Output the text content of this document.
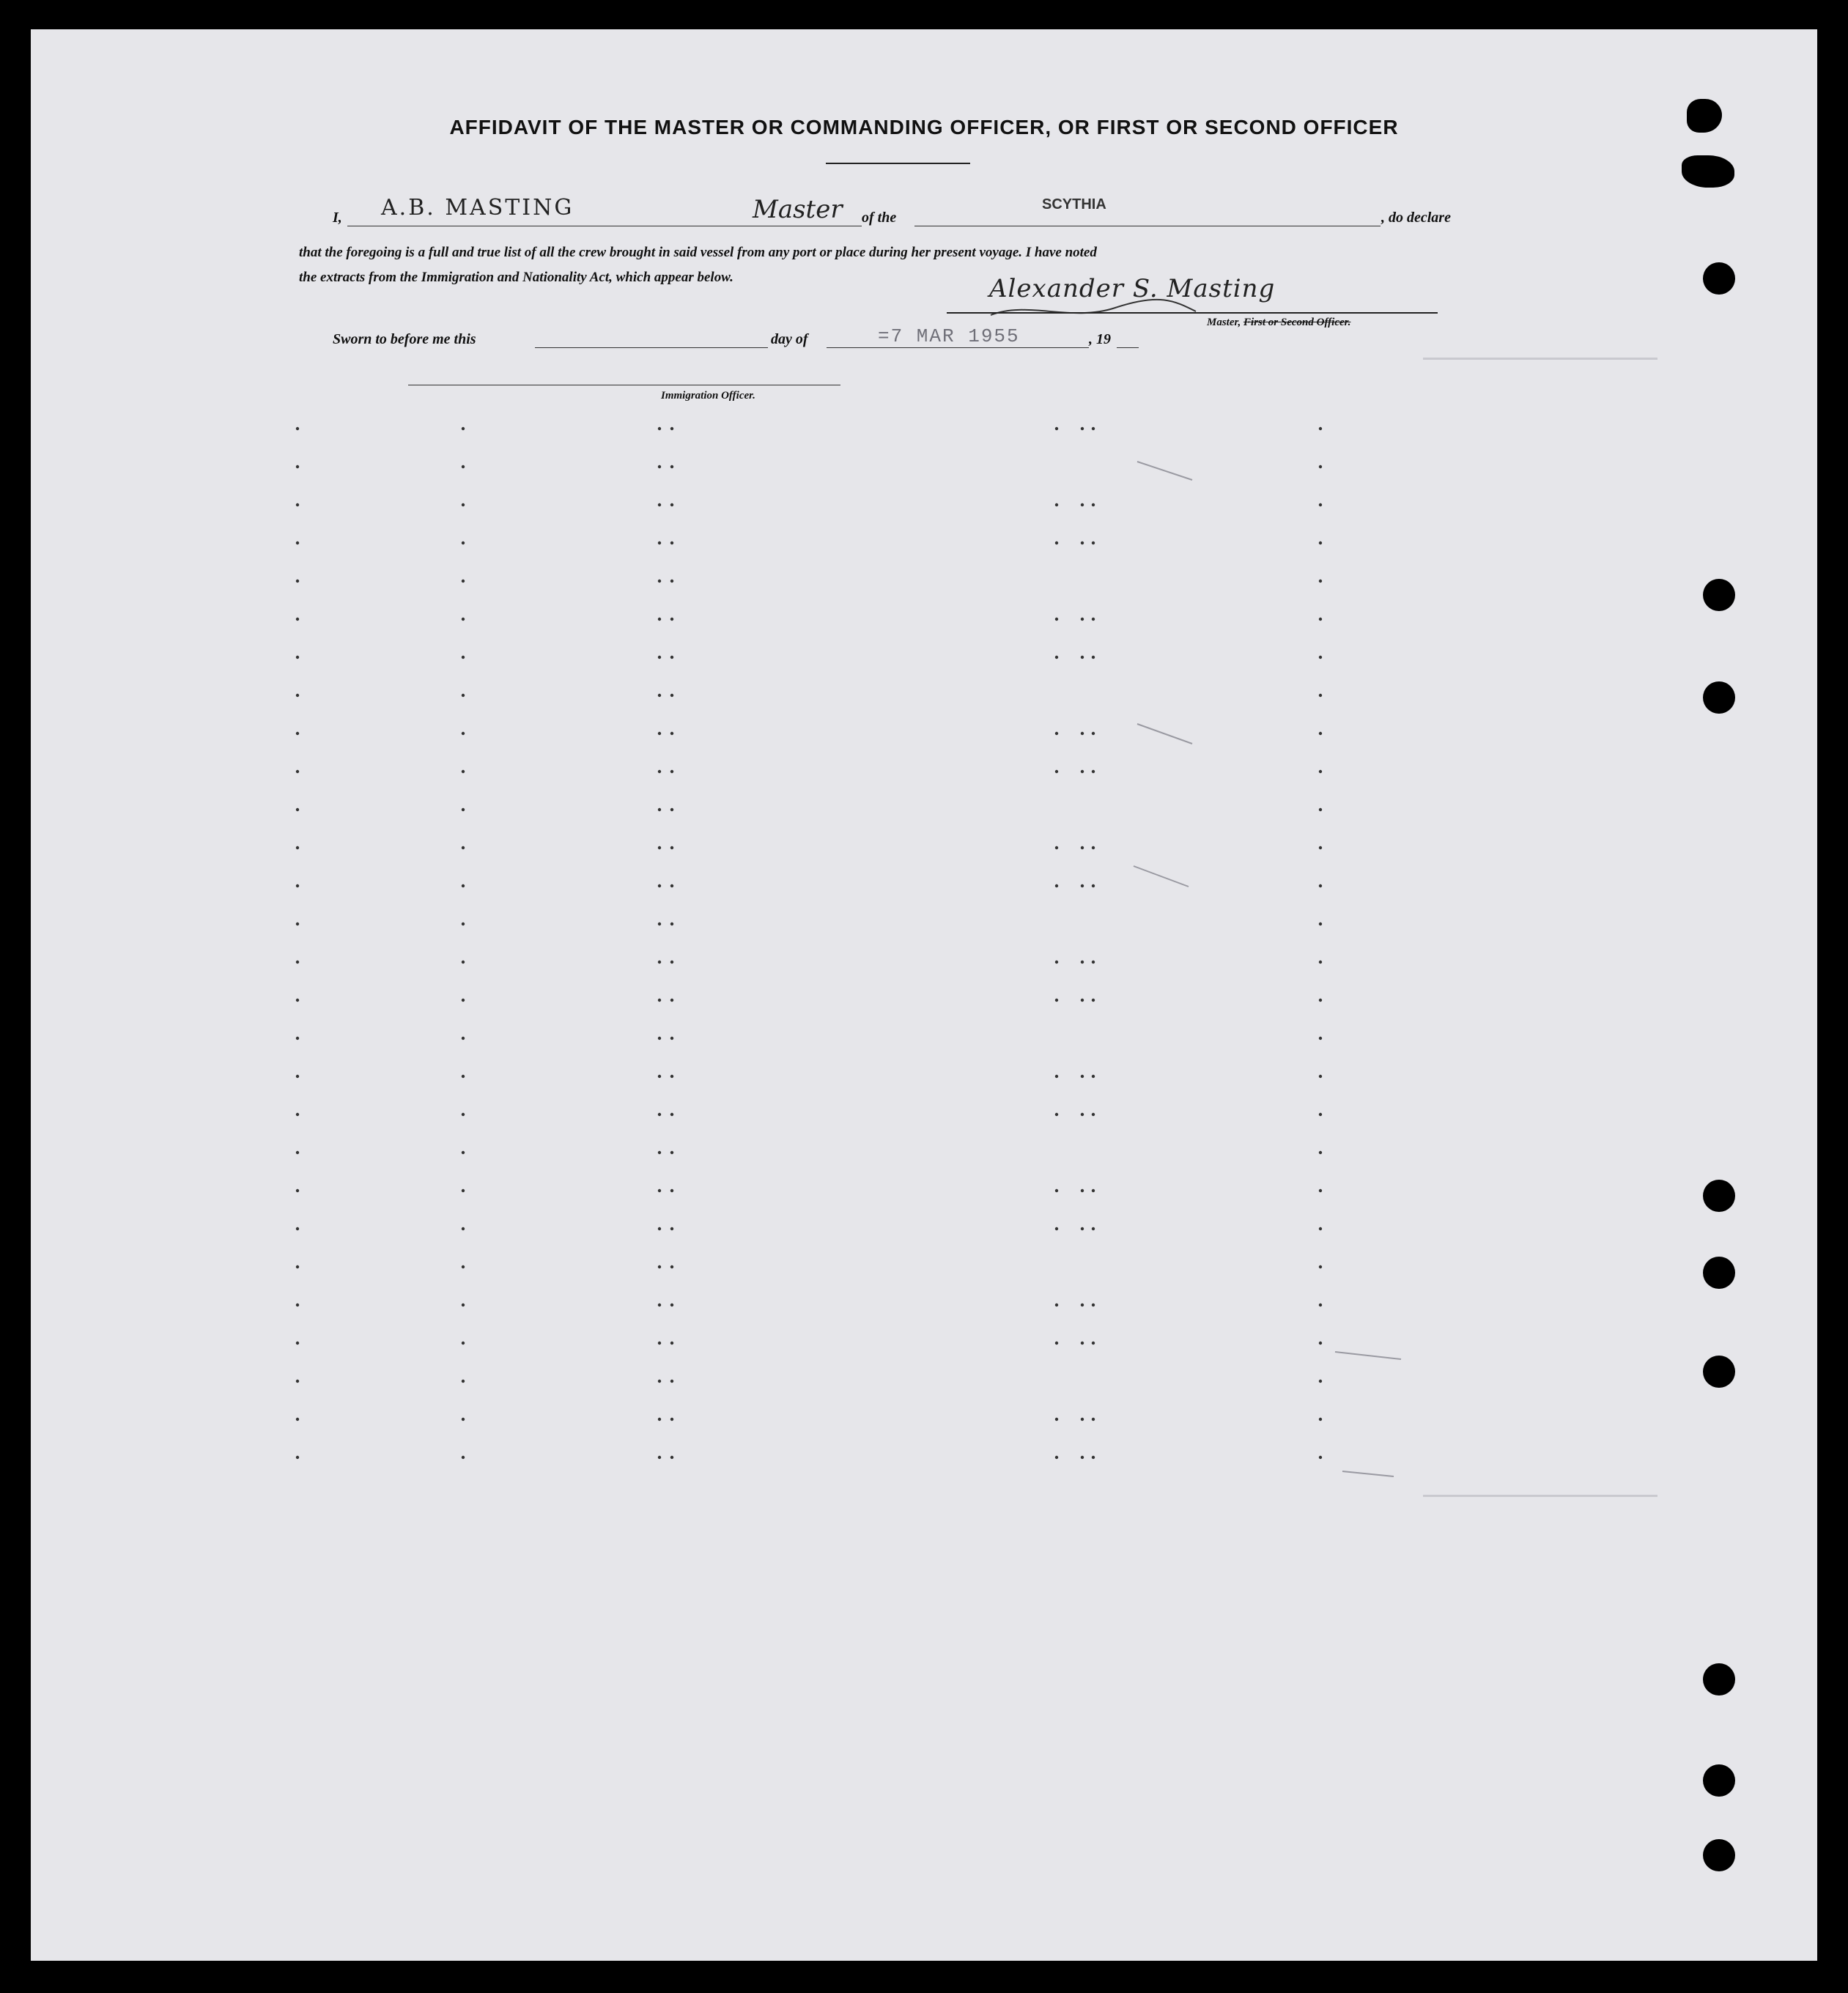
AFFIDAVIT OF THE MASTER OR COMMANDING OFFICER, OR FIRST OR SECOND OFFICER
I, A.B. MASTING	Master of the
SCYTHIA
, do declare
that the foregoing is a full and true list of all the crew brought in said vessel from any port or place during her present voyage. I have noted
the extracts from the Immigration and Nationality Act, which appear below.	Alexander S. Masting
Master, First or Second Officer.
Sworn to before me this	day of	=7 MAR 1955	, 19
Immigration Officer.
